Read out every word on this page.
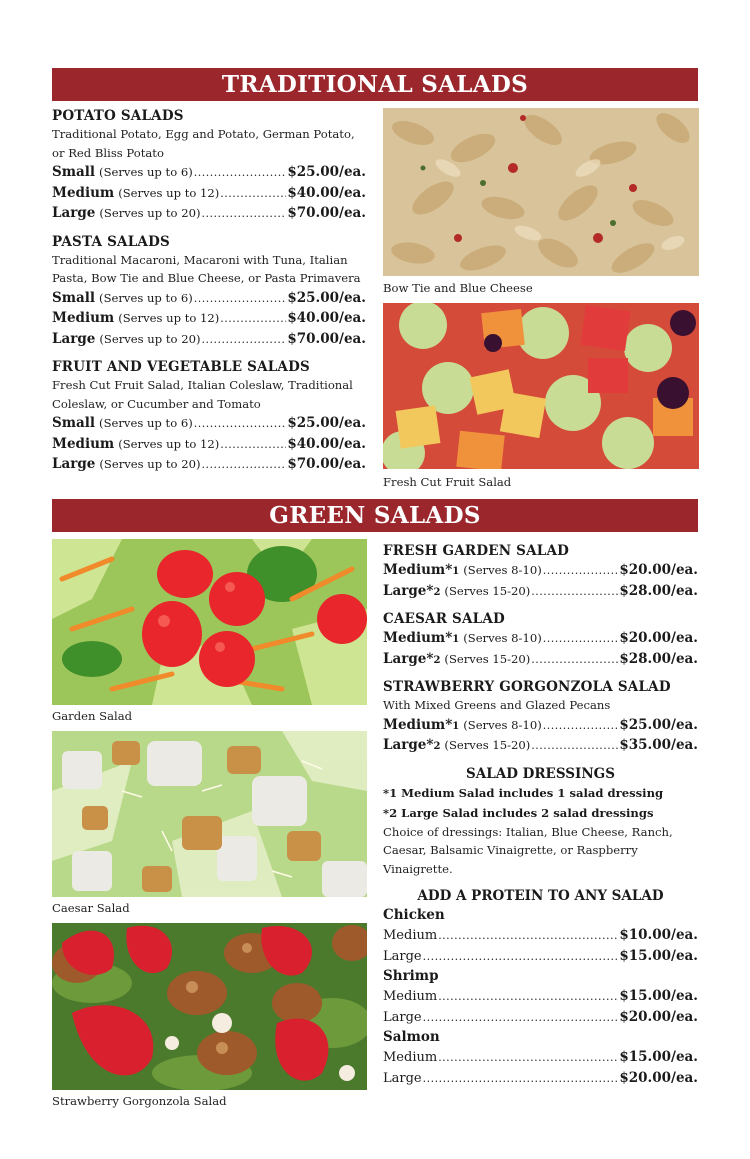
TRADITIONAL SALADS

POTATO SALADS

Traditional Potato, Egg and Potato, German Potato,

or Red Bliss Potato

Small (Serves up to 6) .....	$25.00/ea.
Medium (Serves up to 12) .....	$40.00/ea.
Large (Serves up to 20) .....	$70.00/ea.

PASTA SALADS

Traditional Macaroni, Macaroni with Tuna, Italian

Pasta, Bow Tie and Blue Cheese, or Pasta Primavera

Small (Serves up to 6) .....	$25.00/ea.
Medium (Serves up to 12) .....	$40.00/ea.
Large (Serves up to 20) .....	$70.00/ea.

FRUIT AND VEGETABLE SALADS

Fresh Cut Fruit Salad, Italian Coleslaw, Traditional

Coleslaw, or Cucumber and Tomato

Small (Serves up to 6) .....	$25.00/ea.
Medium (Serves up to 12) .....	$40.00/ea.
Large (Serves up to 20) .....	$70.00/ea.
Bow Tie and Blue Cheese
Fresh Cut Fruit Salad
GREEN SALADS
Garden Salad
Caesar Salad
Strawberry Gorgonzola Salad

FRESH GARDEN SALAD

Medium* 1 (Serves 8-10) .....	$20.00/ea.
Large* 2 (Serves 15-20) .....	$28.00/ea.

CAESAR SALAD

Medium* 1 (Serves 8-10) .....	$20.00/ea.
Large* 2 (Serves 15-20) .....	$28.00/ea.

STRAWBERRY GORGONZOLA SALAD

With Mixed Greens and Glazed Pecans

Medium* 1 (Serves 8-10) .....	$25.00/ea.
Large* 2 (Serves 15-20) .....	$35.00/ea.

SALAD DRESSINGS

*1 Medium Salad includes 1 salad dressing

*2 Large Salad includes 2 salad dressings

Choice of dressings: Italian, Blue Cheese, Ranch,

Caesar, Balsamic Vinaigrette, or Raspberry Vinaigrette.

ADD A PROTEIN TO ANY SALAD

Chicken

Medium .....	$10.00/ea.
Large .....	$15.00/ea.

Shrimp

Medium .....	$15.00/ea.
Large .....	$20.00/ea.

Salmon

Medium .....	$15.00/ea.
Large .....	$20.00/ea.
